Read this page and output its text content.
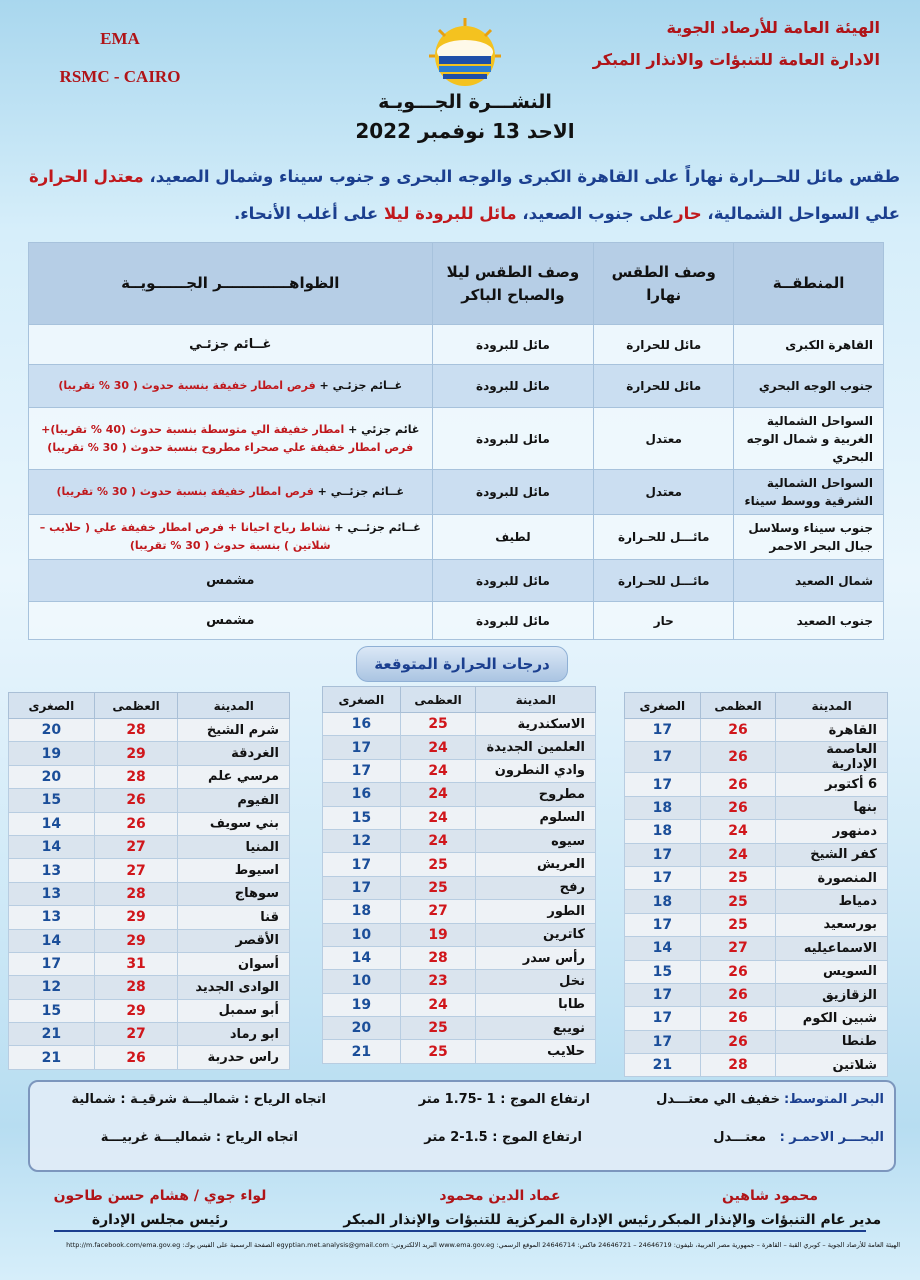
EMA
RSMC - CAIRO
الهيئة العامة للأرصاد الجوية
الادارة العامة للتنبؤات والانذار المبكر
النشـــرة الجـــويـة
الاحد 13 نوفمبر 2022
طقس مائل للحــرارة نهاراً على القاهرة الكبرى والوجه البحرى و جنوب سيناء وشمال الصعيد، معتدل الحرارة
علي السواحل الشمالية، حارعلى جنوب الصعيد، مائل للبرودة ليلا على أغلب الأنحاء.
المنطقــة	وصف الطقس نهارا	وصف الطقس ليلا والصباح الباكر	الظواهـــــــــــــر الجــــــويــة
القاهرة الكبرى	مائل للحرارة	مائل للبرودة	غــائم جزئـي
جنوب الوجه البحري	مائل للحرارة	مائل للبرودة	غــائم جزئـي + فرص امطار خفيفة بنسبة حدوث ( 30 % تقريبا)
السواحل الشمالية الغربية و شمال الوجه البحري	معتدل	مائل للبرودة	غائم جزئي + امطار خفيفة الي متوسطة بنسبة حدوث (40 % تقريبا)+ فرص امطار خفيفة علي صحراء مطروح بنسبة حدوث ( 30 % تقريبا)
السواحل الشمالية الشرقية ووسط سيناء	معتدل	مائل للبرودة	غــائم جزئــي + فرص امطار خفيفة بنسبة حدوث ( 30 % تقريبا)
جنوب سيناء وسلاسل جبال البحر الاحمر	مائـــل للحـرارة	لطيف	غــائم جزئــي + نشاط رياح احيانا + فرص امطار خفيفة علي ( حلايب – شلاتين ) بنسبة حدوث ( 30 % تقريبا)
شمال الصعيد	مائـــل للحـرارة	مائل للبرودة	مشمس
جنوب الصعيد	حار	مائل للبرودة	مشمس
درجات الحرارة المتوقعة
المدينة	العظمى	الصغرى
القاهرة	26	17
العاصمة الإدارية	26	17
6 أكتوبر	26	17
بنها	26	18
دمنهور	24	18
كفر الشيخ	24	17
المنصورة	25	17
دمياط	25	18
بورسعيد	25	17
الاسماعيليه	27	14
السويس	26	15
الزقازيق	26	17
شبين الكوم	26	17
طنطا	26	17
شلاتين	28	21
المدينة	العظمى	الصغرى
الاسكندرية	25	16
العلمين الجديدة	24	17
وادي النطرون	24	17
مطروح	24	16
السلوم	24	15
سيوه	24	12
العريش	25	17
رفح	25	17
الطور	27	18
كاترين	19	10
رأس سدر	28	14
نخل	23	10
طابا	24	19
نويبع	25	20
حلايب	25	21
المدينة	العظمى	الصغرى
شرم الشيخ	28	20
الغردقة	29	19
مرسي علم	28	20
الفيوم	26	15
بني سويف	26	14
المنيا	27	14
اسيوط	27	13
سوهاج	28	13
قنا	29	13
الأقصر	29	14
أسوان	31	17
الوادى الجديد	28	12
أبو سمبل	29	15
ابو رماد	27	21
راس حدربة	26	21
البحر المتوسط:
خفيف الي معتـــدل
ارتفاع الموج : 1 -1.75 متر
اتجاه الرياح : شماليـــة شرقيـة : شمالية
البحـــر الاحمـر :
معتـــدل
ارتفاع الموج : 1.5-2 متر
اتجاه الرياح : شماليـــة غربيـــة
محمود شاهين
مدير عام التنبؤات والإنذار المبكر
عماد الدين محمود
رئيس الإدارة المركزية للتنبؤات والإنذار المبكر
لواء جوي / هشام حسن طاحون
رئيس مجلس الإدارة
الهيئة العامة للأرصاد الجوية – كوبري القبة – القاهرة – جمهورية مصر العربية، تليفون: 24646719 – 24646721 فاكس: 24646714 الموقع الرسمي: www.ema.gov.eg البريد الالكتروني: egyptian.met.analysis@gmail.com الصفحة الرسمية على الفيس بوك: http://m.facebook.com/ema.gov.eg
